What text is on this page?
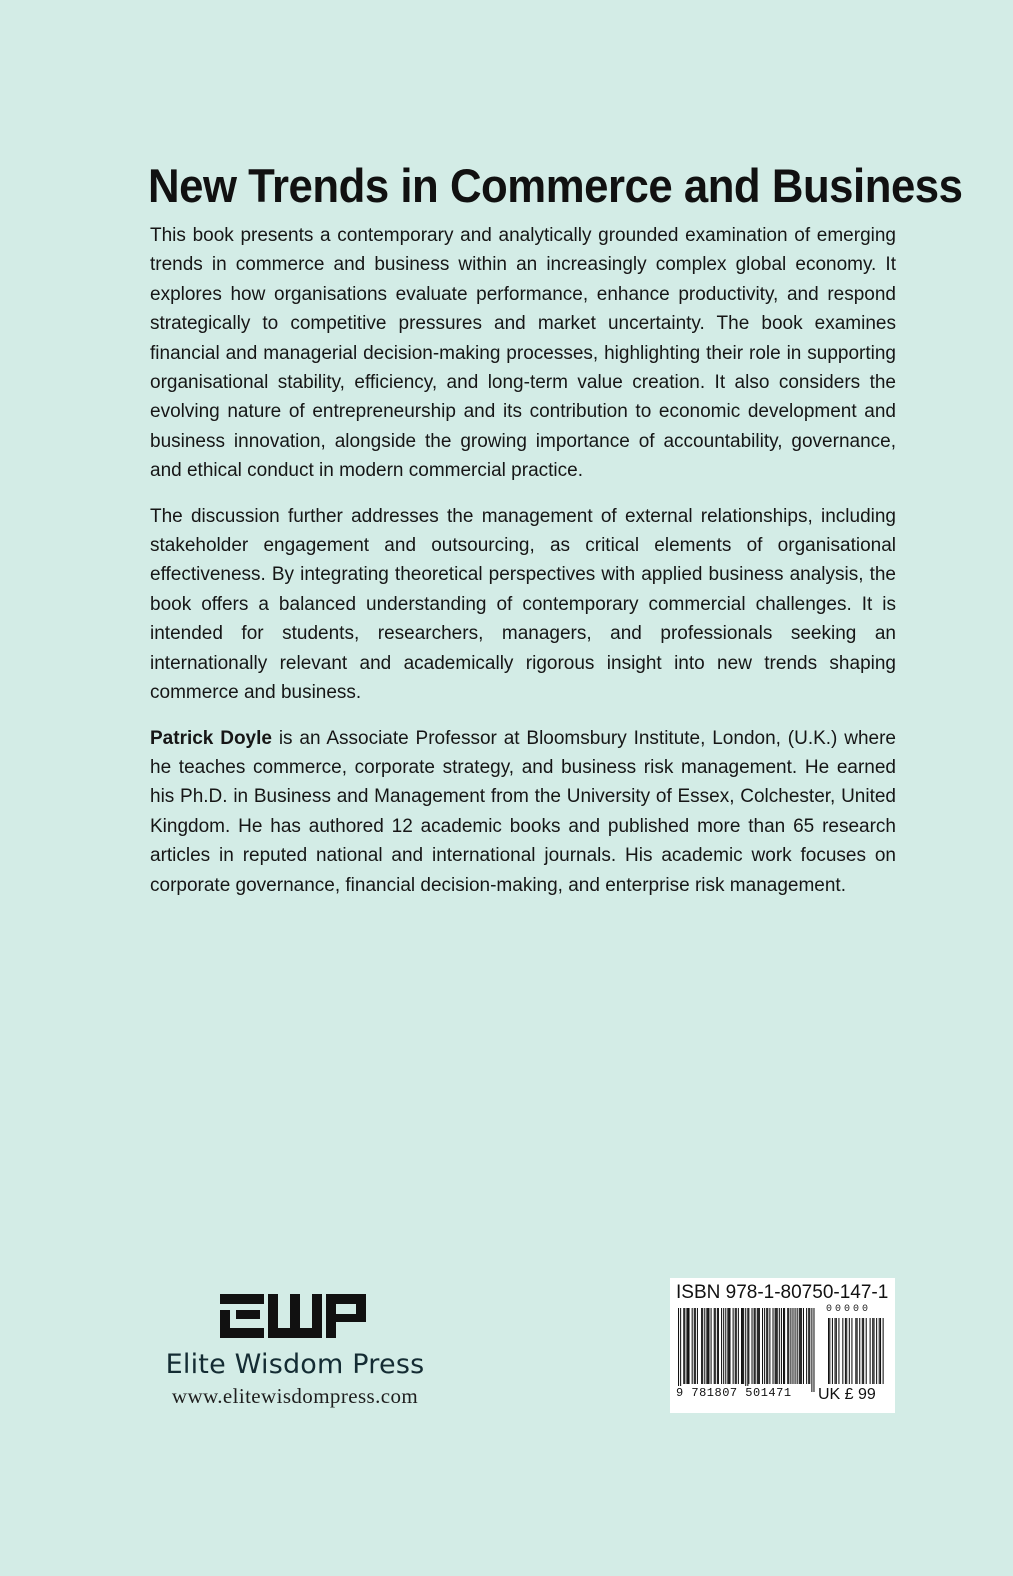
New Trends in Commerce and Business

This book presents a contemporary and analytically grounded examination of emerging trends in commerce and business within an increasingly complex global economy. It explores how organisations evaluate performance, enhance productivity, and respond strategically to competitive pressures and market uncertainty. The book examines financial and managerial decision-making processes, highlighting their role in supporting organisational stability, efficiency, and long-term value creation. It also considers the evolving nature of entrepreneurship and its contribution to economic development and business innovation, alongside the growing importance of accountability, governance, and ethical conduct in modern commercial practice.

The discussion further addresses the management of external relationships, including stakeholder engagement and outsourcing, as critical elements of organisational effectiveness. By integrating theoretical perspectives with applied business analysis, the book offers a balanced understanding of contemporary commercial challenges. It is intended for students, researchers, managers, and professionals seeking an internationally relevant and academically rigorous insight into new trends shaping commerce and business.

Patrick Doyle is an Associate Professor at Bloomsbury Institute, London, (U.K.) where he teaches commerce, corporate strategy, and business risk management. He earned his Ph.D. in Business and Management from the University of Essex, Colchester, United Kingdom. He has authored 12 academic books and published more than 65 research articles in reputed national and international journals. His academic work focuses on corporate governance, financial decision-making, and enterprise risk management.

Elite Wisdom Press
www.elitewisdompress.com
ISBN 978-1-80750-147-1
00000
9 781807 501471 UK £ 99
